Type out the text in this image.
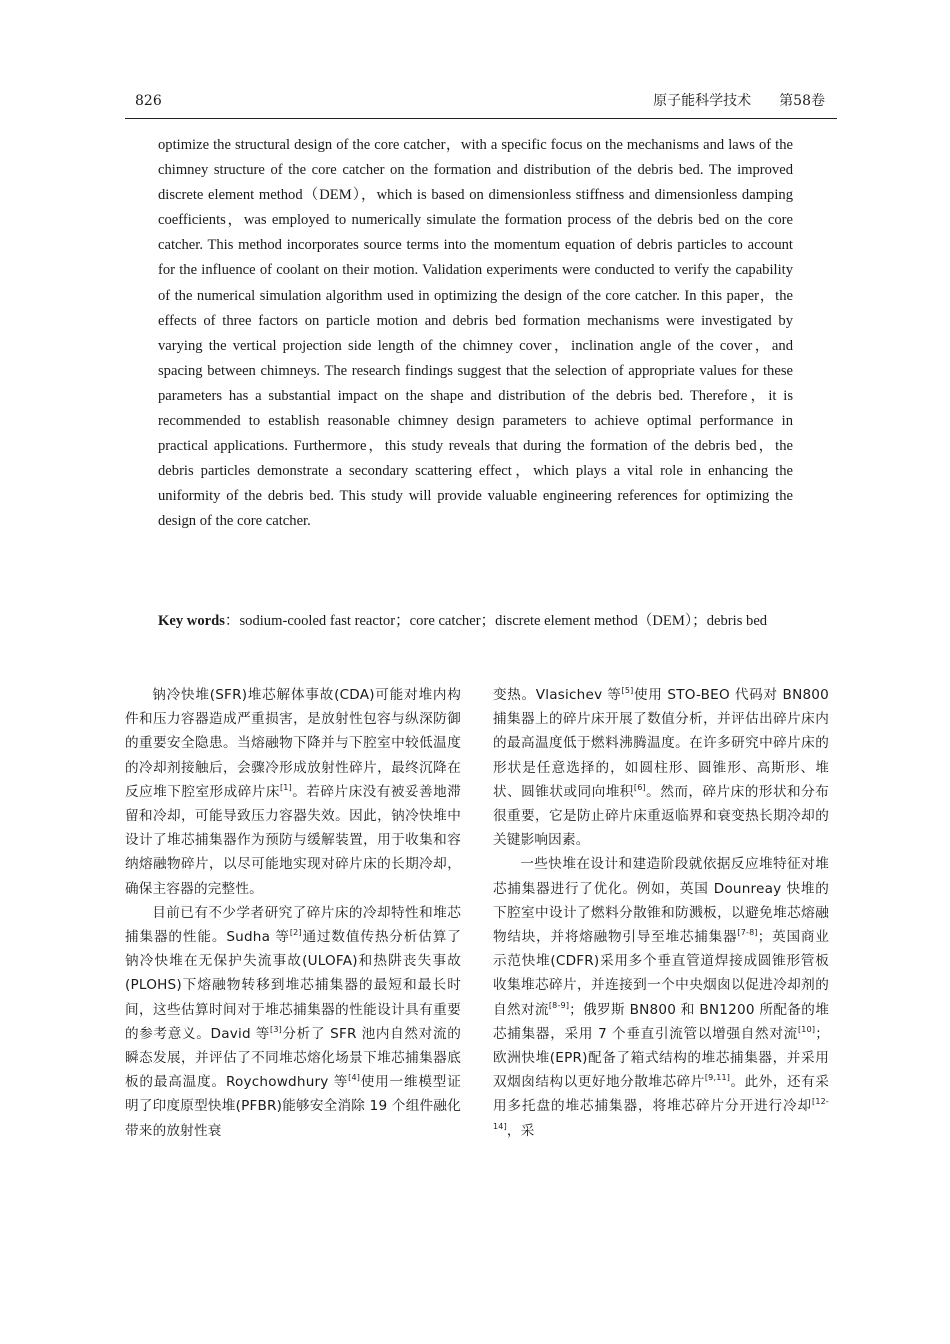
826	原子能科学技术 第58卷

optimize the structural design of the core catcher，with a specific focus on the mechanisms and laws of the chimney structure of the core catcher on the formation and distribution of the debris bed. The improved discrete element method（DEM），which is based on dimensionless stiffness and dimensionless damping coefficients，was employed to numerically simulate the formation process of the debris bed on the core catcher. This method incorporates source terms into the momentum equation of debris particles to account for the influence of coolant on their motion. Validation experiments were conducted to verify the capability of the numerical simulation algorithm used in optimizing the design of the core catcher. In this paper，the effects of three factors on particle motion and debris bed formation mechanisms were investigated by varying the vertical projection side length of the chimney cover，inclination angle of the cover，and spacing between chimneys. The research findings suggest that the selection of appropriate values for these parameters has a substantial impact on the shape and distribution of the debris bed. Therefore，it is recommended to establish reasonable chimney design parameters to achieve optimal performance in practical applications. Furthermore，this study reveals that during the formation of the debris bed，the debris particles demonstrate a secondary scattering effect，which plays a vital role in enhancing the uniformity of the debris bed. This study will provide valuable engineering references for optimizing the design of the core catcher.

Key words：sodium-cooled fast reactor；core catcher；discrete element method（DEM）；debris bed

钠冷快堆(SFR)堆芯解体事故(CDA)可能对堆内构件和压力容器造成严重损害，是放射性包容与纵深防御的重要安全隐患。当熔融物下降并与下腔室中较低温度的冷却剂接触后，会骤冷形成放射性碎片，最终沉降在反应堆下腔室形成碎片床[1]。若碎片床没有被妥善地滞留和冷却，可能导致压力容器失效。因此，钠冷快堆中设计了堆芯捕集器作为预防与缓解装置，用于收集和容纳熔融物碎片，以尽可能地实现对碎片床的长期冷却，确保主容器的完整性。

目前已有不少学者研究了碎片床的冷却特性和堆芯捕集器的性能。Sudha 等[2]通过数值传热分析估算了钠冷快堆在无保护失流事故(ULOFA)和热阱丧失事故(PLOHS)下熔融物转移到堆芯捕集器的最短和最长时间，这些估算时间对于堆芯捕集器的性能设计具有重要的参考意义。David 等[3]分析了 SFR 池内自然对流的瞬态发展，并评估了不同堆芯熔化场景下堆芯捕集器底板的最高温度。Roychowdhury 等[4]使用一维模型证明了印度原型快堆(PFBR)能够安全消除 19 个组件融化带来的放射性衰

变热。Vlasichev 等[5]使用 STO-BEO 代码对 BN800 捕集器上的碎片床开展了数值分析，并评估出碎片床内的最高温度低于燃料沸腾温度。在许多研究中碎片床的形状是任意选择的，如圆柱形、圆锥形、高斯形、堆状、圆锥状或同向堆积[6]。然而，碎片床的形状和分布很重要，它是防止碎片床重返临界和衰变热长期冷却的关键影响因素。

一些快堆在设计和建造阶段就依据反应堆特征对堆芯捕集器进行了优化。例如，英国 Dounreay 快堆的下腔室中设计了燃料分散锥和防溅板，以避免堆芯熔融物结块，并将熔融物引导至堆芯捕集器[7-8]；英国商业示范快堆(CDFR)采用多个垂直管道焊接成圆锥形管板收集堆芯碎片，并连接到一个中央烟囱以促进冷却剂的自然对流[8-9]；俄罗斯 BN800 和 BN1200 所配备的堆芯捕集器，采用 7 个垂直引流管以增强自然对流[10]；欧洲快堆(EPR)配备了箱式结构的堆芯捕集器，并采用双烟囱结构以更好地分散堆芯碎片[9,11]。此外，还有采用多托盘的堆芯捕集器，将堆芯碎片分开进行冷却[12-14]，采
